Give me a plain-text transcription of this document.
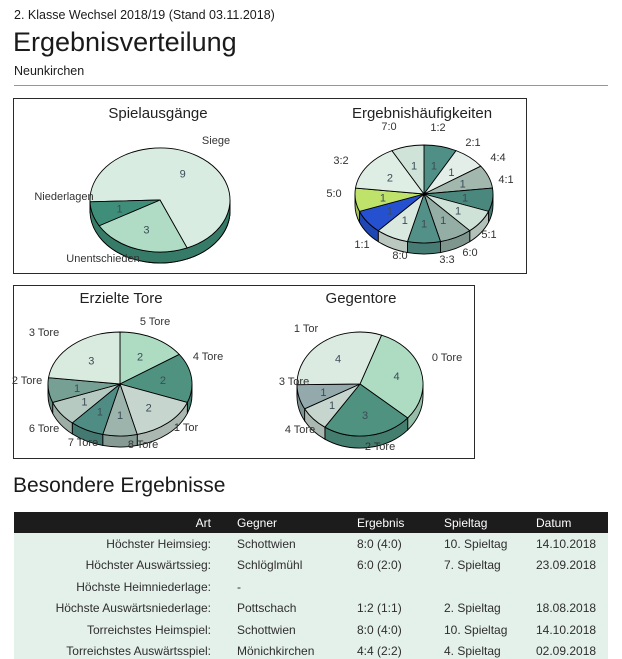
2. Klasse Wechsel 2018/19 (Stand 03.11.2018)
Ergebnisverteilung
Neunkirchen
9
3
1
Siege
Unentschieden
Niederlagen
Spielausgänge
1
1
1
1
1
1
1
1
1
1
2
1
1:2
2:1
4:4
4:1
5:1
6:0
3:3
8:0
1:1
5:0
3:2
7:0
Ergebnishäufigkeiten
2
2
2
1
1
1
1
3
5 Tore
4 Tore
1 Tor
8 Tore
7 Tore
6 Tore
2 Tore
3 Tore
Erzielte Tore
4
3
1
1
4	0 Tore
2 Tore
4 Tore
3 Tore
1 Tor
Gegentore
Besondere Ergebnisse
Art	Gegner	Ergebnis	Spieltag	Datum
Höchster Heimsieg:	Schottwien	8:0 (4:0)	10. Spieltag	14.10.2018
Höchster Auswärtssieg:	Schlöglmühl	6:0 (2:0)	7. Spieltag	23.09.2018
Höchste Heimniederlage:	-			
Höchste Auswärtsniederlage:	Pottschach	1:2 (1:1)	2. Spieltag	18.08.2018
Torreichstes Heimspiel:	Schottwien	8:0 (4:0)	10. Spieltag	14.10.2018
Torreichstes Auswärtsspiel:	Mönichkirchen	4:4 (2:2)	4. Spieltag	02.09.2018
